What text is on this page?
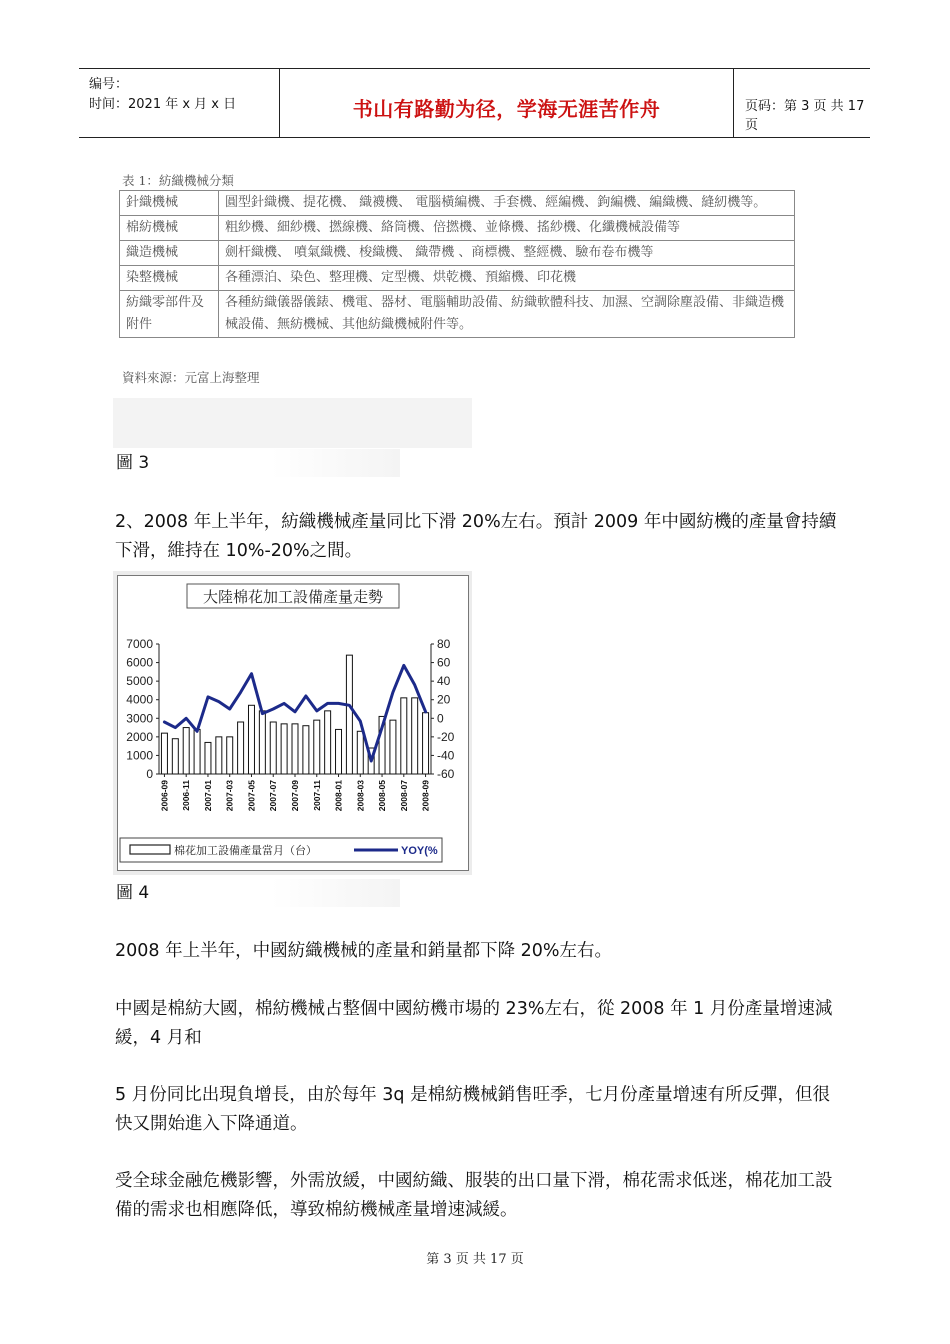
编号：
时间：2021 年 x 月 x 日	书山有路勤为径，学海无涯苦作舟	页码：第 3 页 共 17 页
表 1：紡織機械分類
針織機械	圓型針織機、提花機、 織襪機、 電腦橫編機、手套機、經編機、鉤編機、編織機、縫紉機等。
棉紡機械	粗紗機、細紗機、撚線機、絡筒機、倍撚機、並條機、搖紗機、化纖機械設備等
織造機械	劍杆織機、 噴氣織機、梭織機、 織帶機 、商標機、整經機、驗布卷布機等
染整機械	各種漂泊、染色、整理機、定型機、烘乾機、預縮機、印花機
紡織零部件及附件	各種紡織儀器儀錶、機電、器材、電腦輔助設備、紡織軟體科技、加濕、空調除塵設備、非織造機械設備、無紡機械、其他紡織機械附件等。
資料來源：元富上海整理
圖 3
2、2008 年上半年，紡織機械產量同比下滑 20%左右。預計 2009 年中國紡機的產量會持續下滑，維持在 10%-20%之間。
大陸棉花加工設備產量走勢
0
1000
2000
3000
4000
5000
6000
7000
-60
-40
-20
0
20
40
60
80
2006-09 2006-11 2007-01 2007-03 2007-05 2007-07 2007-09 2007-11 2008-01 2008-03 2008-05 2008-07 2008-09
棉花加工設備產量當月（台）	YOY(%
圖 4
2008 年上半年，中國紡織機械的產量和銷量都下降 20%左右。
中國是棉紡大國，棉紡機械占整個中國紡機市場的 23%左右，從 2008 年 1 月份產量增速減緩，4 月和
5 月份同比出現負增長，由於每年 3q 是棉紡機械銷售旺季，七月份產量增速有所反彈，但很快又開始進入下降通道。
受全球金融危機影響，外需放緩，中國紡織、服裝的出口量下滑，棉花需求低迷，棉花加工設備的需求也相應降低，導致棉紡機械產量增速減緩。
第 3 页 共 17 页
